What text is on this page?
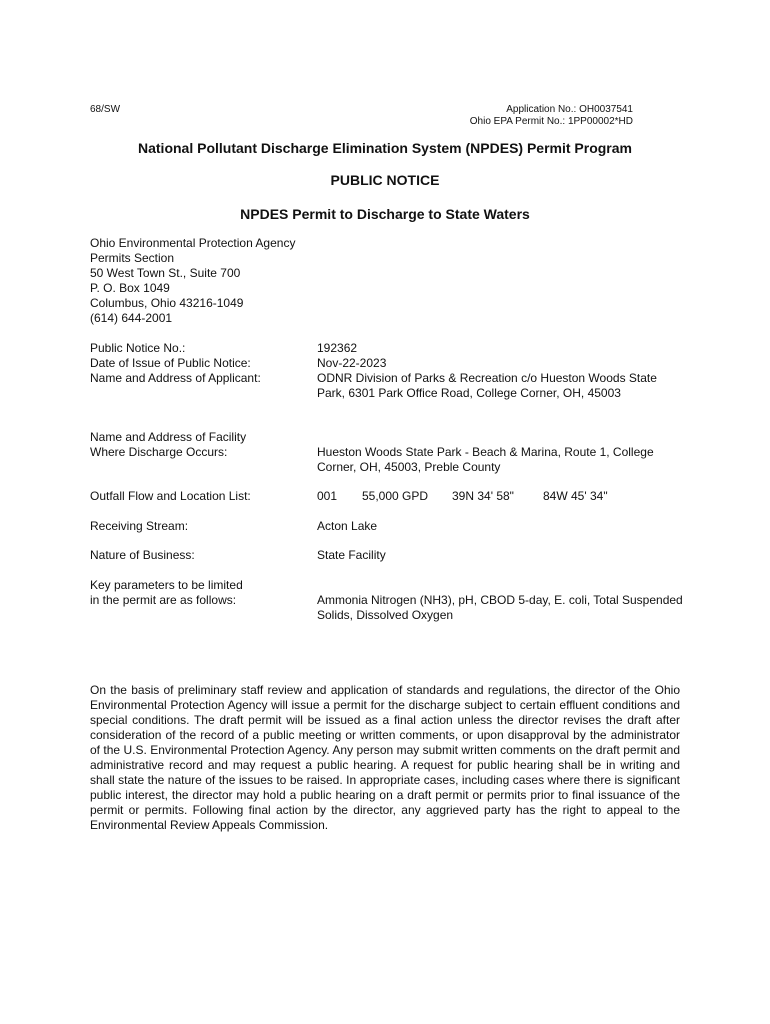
68/SW	Application No.: OH0037541
Ohio EPA Permit No.: 1PP00002*HD
National Pollutant Discharge Elimination System (NPDES) Permit Program
PUBLIC NOTICE
NPDES Permit to Discharge to State Waters
Ohio Environmental Protection Agency
Permits Section
50 West Town St., Suite 700
P. O. Box 1049
Columbus, Ohio 43216-1049
(614) 644-2001
Public Notice No.:	192362
Date of Issue of Public Notice:	Nov-22-2023
Name and Address of Applicant:	ODNR Division of Parks & Recreation c/o Hueston Woods State Park, 6301 Park Office Road, College Corner, OH, 45003
Name and Address of Facility
Where Discharge Occurs:	Hueston Woods State Park - Beach & Marina, Route 1, College Corner, OH, 45003, Preble County
Outfall Flow and Location List:	001 55,000 GPD 39N 34' 58" 84W 45' 34"
Receiving Stream:	Acton Lake
Nature of Business:	State Facility
Key parameters to be limited
in the permit are as follows:	Ammonia Nitrogen (NH3), pH, CBOD 5-day, E. coli, Total Suspended Solids, Dissolved Oxygen
On the basis of preliminary staff review and application of standards and regulations, the director of the Ohio Environmental Protection Agency will issue a permit for the discharge subject to certain effluent conditions and special conditions. The draft permit will be issued as a final action unless the director revises the draft after consideration of the record of a public meeting or written comments, or upon disapproval by the administrator of the U.S. Environmental Protection Agency. Any person may submit written comments on the draft permit and administrative record and may request a public hearing. A request for public hearing shall be in writing and shall state the nature of the issues to be raised. In appropriate cases, including cases where there is significant public interest, the director may hold a public hearing on a draft permit or permits prior to final issuance of the permit or permits. Following final action by the director, any aggrieved party has the right to appeal to the Environmental Review Appeals Commission.
